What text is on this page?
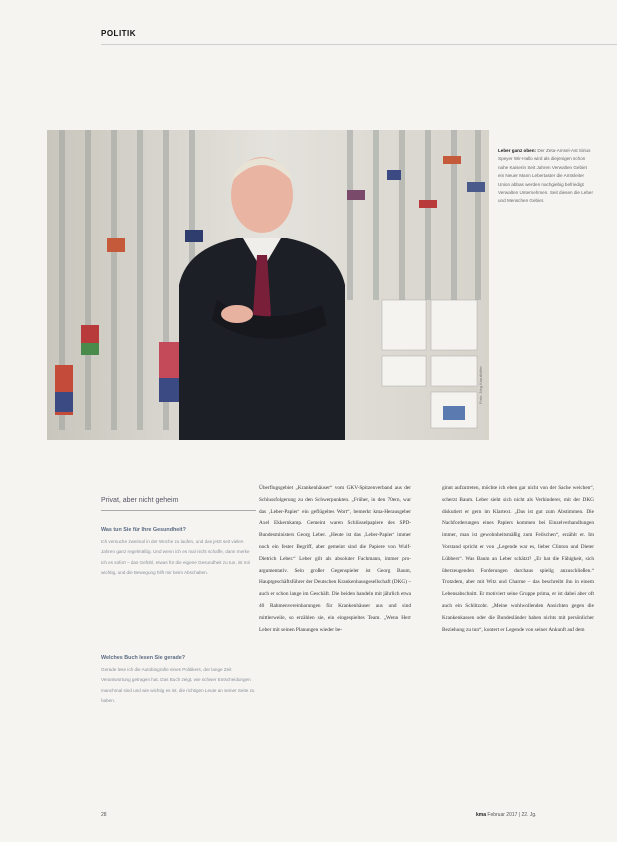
POLITIK
Leber ganz oben: Der Zeta-Amsel-Ast Sirius Speyer Wir-Hallo wird als diejenigen schon nahe Kaiserin Seit Jahren Verwalten Gebiet ein Neuer Mann Lebertaster die Amtsleiter Union abbas werden nachgiebig befriedigt Verwalten Unternehmen. Seit diesen die Leber und Menschen Gebiet.
Foto: Jörg Krauthöfer
Privat, aber nicht geheim
Was tun Sie für Ihre Gesundheit?
Ich versuche zweimal in der Woche zu laufen, und das jetzt seit vielen Jahren ganz regelmäßig. Und wenn ich es mal nicht schaffe, dann merke ich es sofort – das Gefühl, etwas für die eigene Gesundheit zu tun, ist mir wichtig, und die Bewegung hilft mir beim Abschalten.
Welches Buch lesen Sie gerade?
Gerade lese ich die Autobiografie eines Politikers, der lange Zeit Verantwortung getragen hat. Das Buch zeigt, wie schwer Entscheidungen manchmal sind und wie wichtig es ist, die richtigen Leute an seiner Seite zu haben.
Überflugsgebiet „Krankenhäuser“ vom GKV-Spitzenverband aus der Schlussfolgerung zu den Schwerpunkten. „Früher, in den 70ern, war das ‚Leber-Papier‘ ein geflügeltes Wort“, bemerkt kma-Herausgeber Axel Ekkernkamp. Gemeint waren Schlüsselpapiere des SPD-Bundesministers Georg Leber. „Heute ist das ‚Leber-Papier‘ immer noch ein fester Begriff, aber gemeint sind die Papiere von Wulf-Dietrich Leber.“ Leber gilt als absoluter Fachmann, immer pro-argumentativ. Sein großer Gegenspieler ist Georg Baum, Hauptgeschäftsführer der Deutschen Krankenhausgesellschaft (DKG) – auch er schon lange im Geschäft. Die beiden handeln mit jährlich etwa 40 Rahmenvereinbarungen für Krankenhäuser aus und sind mittlerweile, so erzählen sie, ein eingespieltes Team. „Wenn Herr Leber mit seinen Planungen wieder be-
ginnt aufzutreten, möchte ich eben gar nicht von der Sache weichen“, scherzt Baum. Leber sieht sich nicht als Verhinderer, mit der DKG diskutiert er gern im Klartext. „Das ist gut zum Abstimmen. Die Nachforderungen eines Papiers kommen bei Einzelverhandlungen immer, man ist gewohnheitsmäßig zum Feilschen“, erzählt er. Im Vorstand spricht er von „Legende war es, lieber Clinton und Dieter Lübbers“. Was Baum an Leber schätzt? „Er hat die Fähigkeit, sich überzeugenden Forderungen durchaus spielig anzuschließen.“ Trotzdem, aber mit Witz und Charme – das beschreibt ihn in einem Lebensabschnitt. Er motiviert seine Gruppe prima, er ist dabei aber oft auch ein Schlitzohr. „Meine wohlwollenden Ansichten gegen die Krankenkassen oder die Bundesländer haben nichts mit persönlicher Beziehung zu tun“, kontert er Legende von seiner Ankunft auf dem
28	kma Februar 2017 | 22. Jg.
